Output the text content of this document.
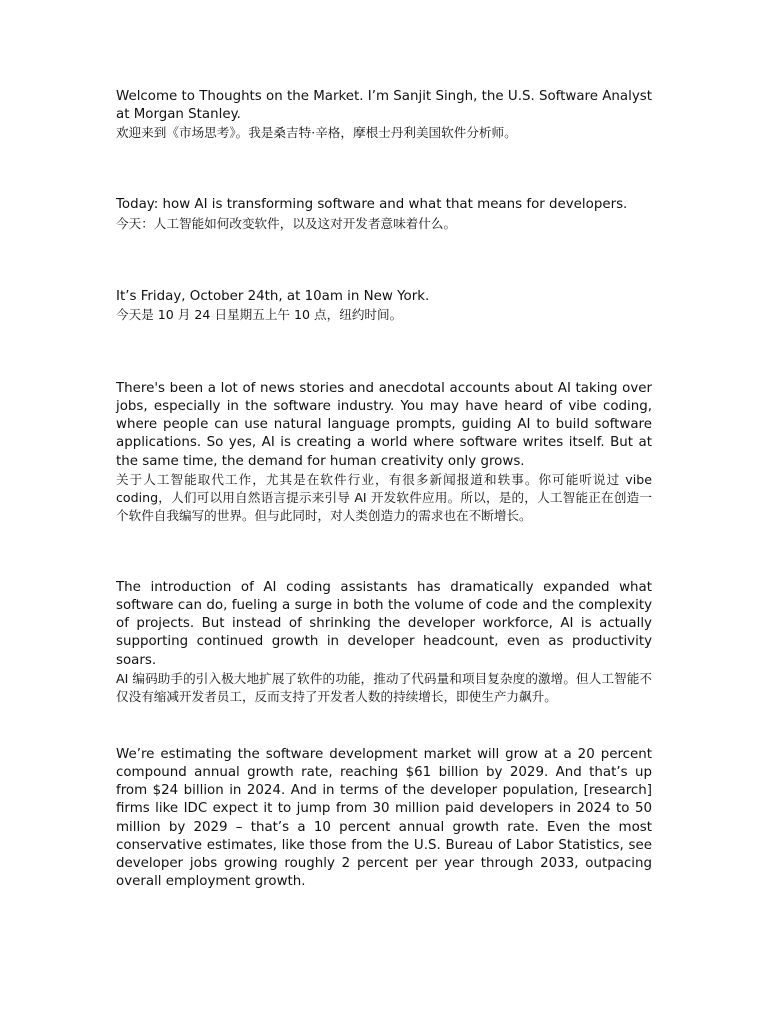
Welcome to Thoughts on the Market. I’m Sanjit Singh, the U.S. Software Analyst at Morgan Stanley.

欢迎来到《市场思考》。我是桑吉特·辛格，摩根士丹利美国软件分析师。

Today: how AI is transforming software and what that means for developers.

今天：人工智能如何改变软件，以及这对开发者意味着什么。

It’s Friday, October 24th, at 10am in New York.

今天是 10 月 24 日星期五上午 10 点，纽约时间。

There's been a lot of news stories and anecdotal accounts about AI taking over jobs, especially in the software industry. You may have heard of vibe coding, where people can use natural language prompts, guiding AI to build software applications. So yes, AI is creating a world where software writes itself. But at the same time, the demand for human creativity only grows.

关于人工智能取代工作，尤其是在软件行业，有很多新闻报道和轶事。你可能听说过 vibe coding，人们可以用自然语言提示来引导 AI 开发软件应用。所以，是的，人工智能正在创造一个软件自我编写的世界。但与此同时，对人类创造力的需求也在不断增长。

The introduction of AI coding assistants has dramatically expanded what software can do, fueling a surge in both the volume of code and the complexity of projects. But instead of shrinking the developer workforce, AI is actually supporting continued growth in developer headcount, even as productivity soars.

AI 编码助手的引入极大地扩展了软件的功能，推动了代码量和项目复杂度的激增。但人工智能不仅没有缩减开发者员工，反而支持了开发者人数的持续增长，即使生产力飙升。

We’re estimating the software development market will grow at a 20 percent compound annual growth rate, reaching $61 billion by 2029. And that’s up from $24 billion in 2024. And in terms of the developer population, [research] firms like IDC expect it to jump from 30 million paid developers in 2024 to 50 million by 2029 – that’s a 10 percent annual growth rate. Even the most conservative estimates, like those from the U.S. Bureau of Labor Statistics, see developer jobs growing roughly 2 percent per year through 2033, outpacing overall employment growth.
